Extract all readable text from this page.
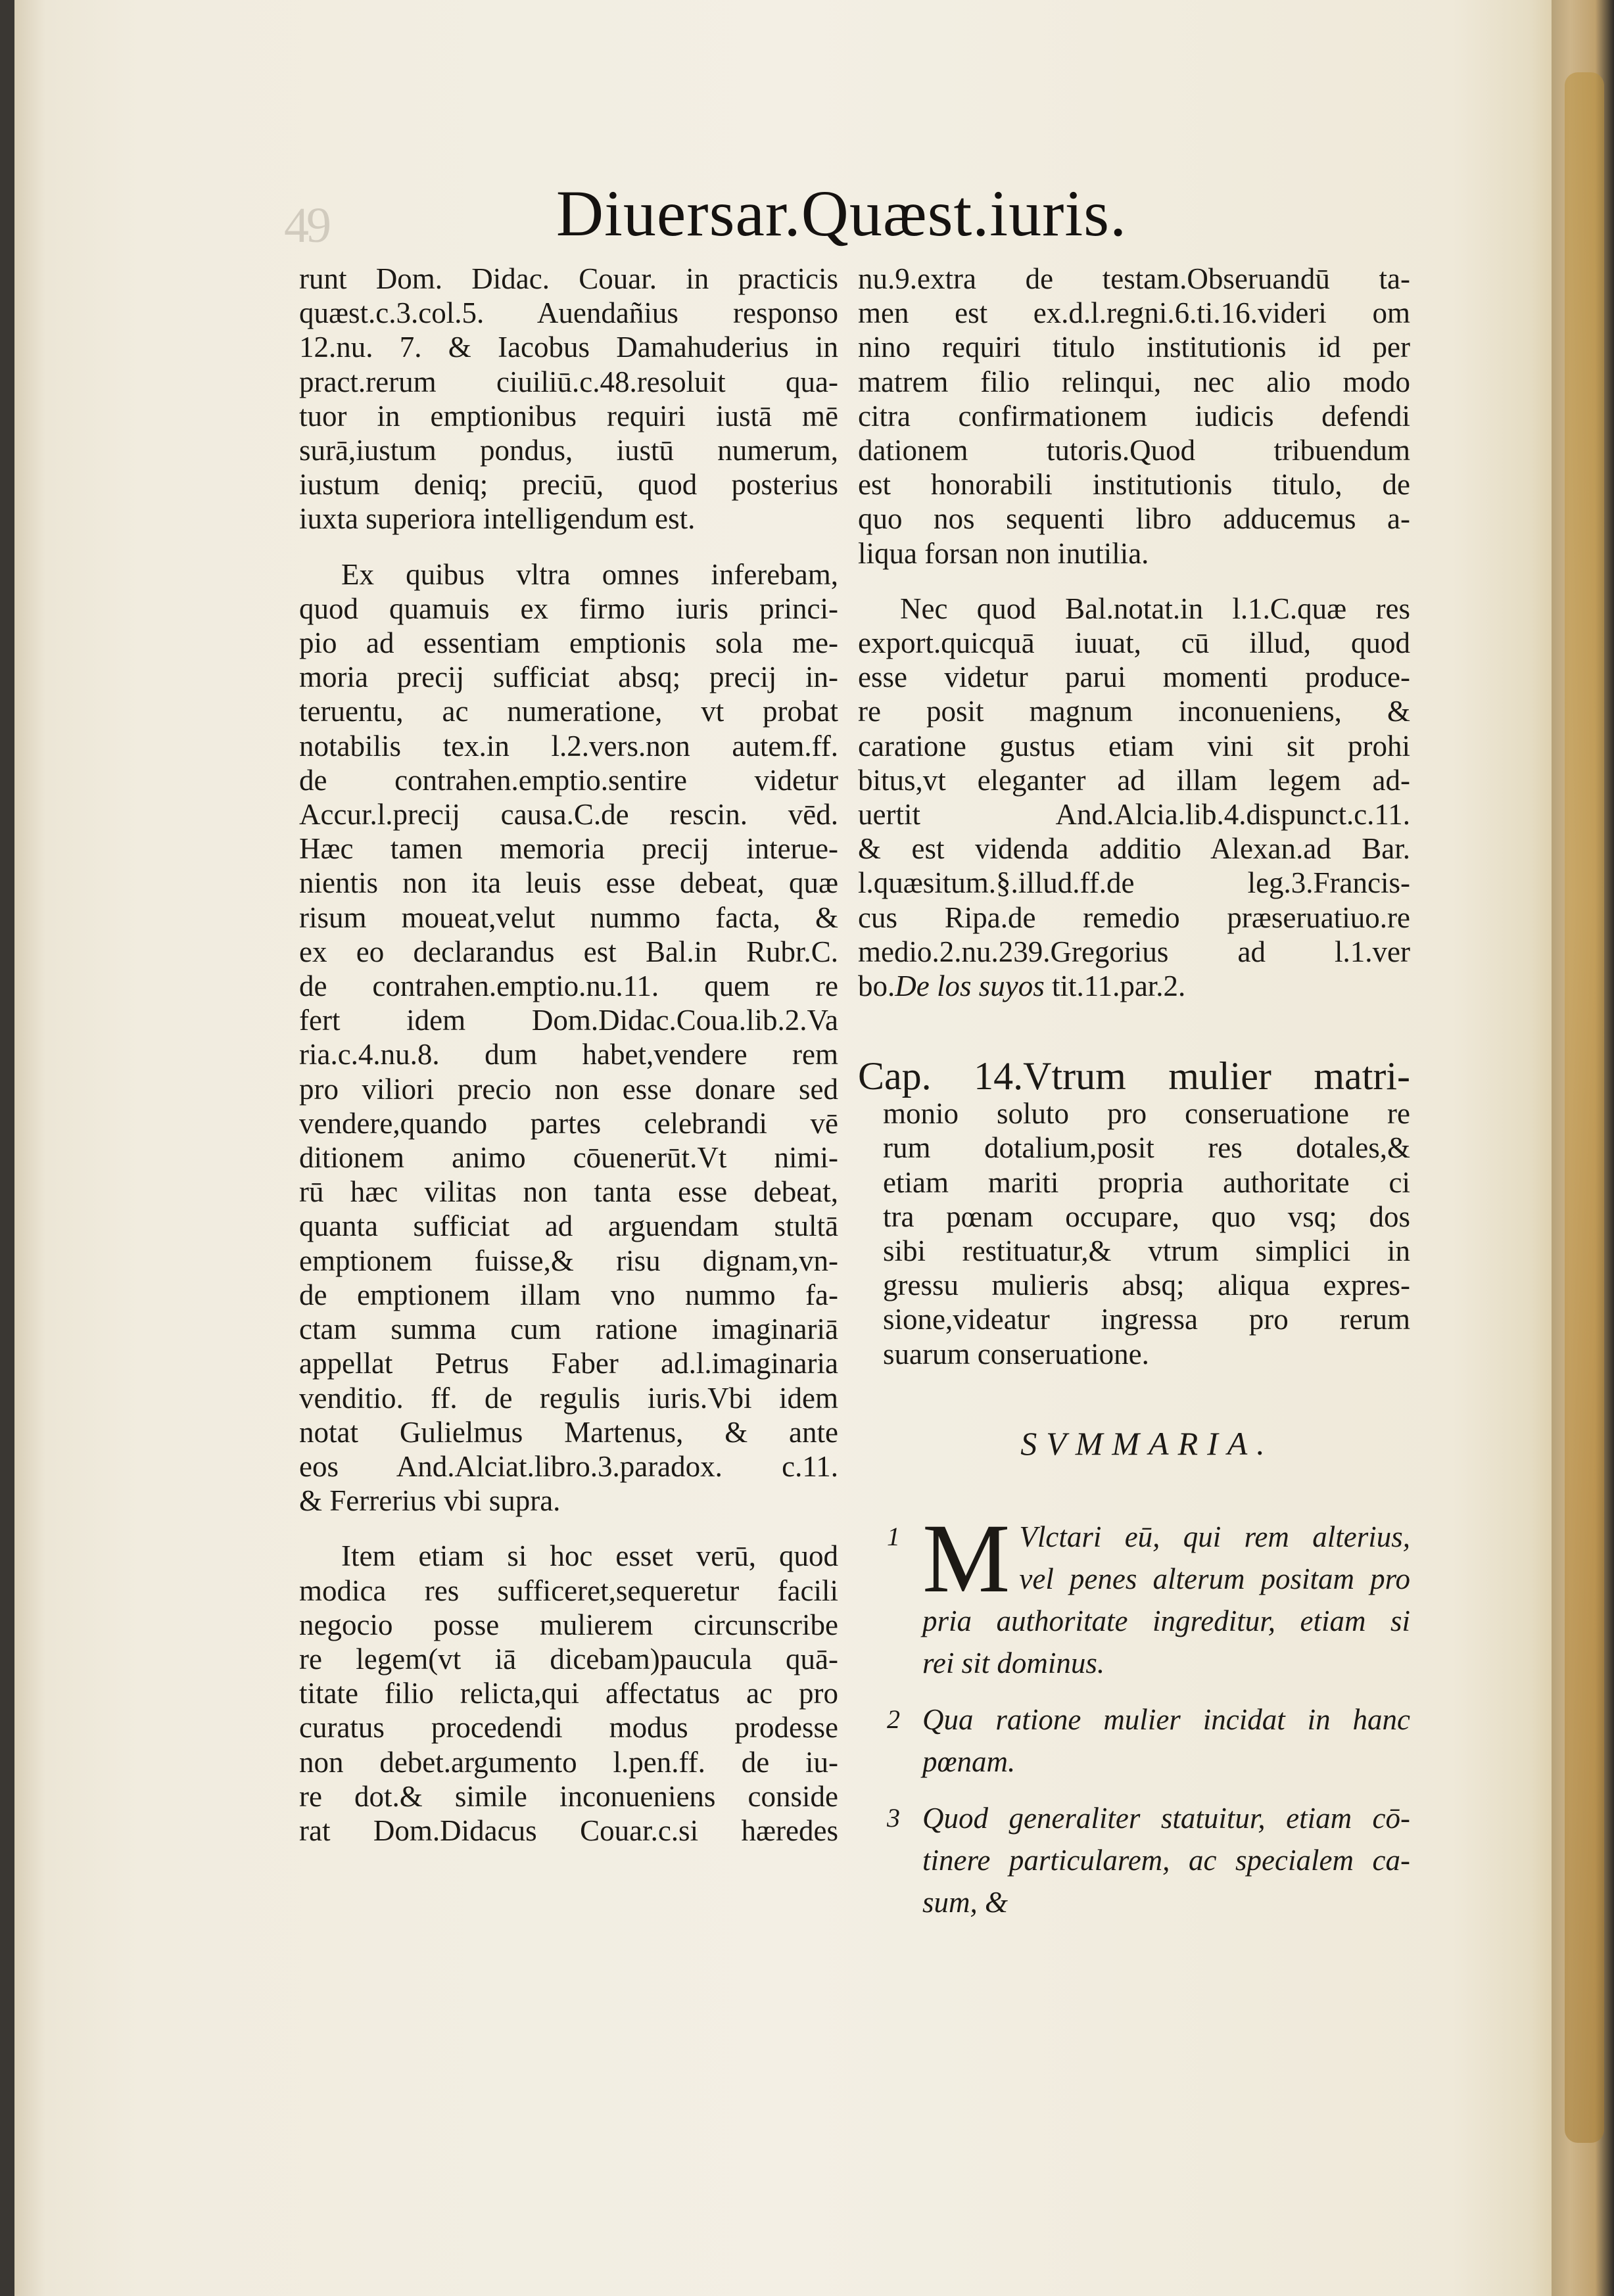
49	Diuersar.Quæst.iuris.
runt Dom. Didac. Couar. in practicis
quæst.c.3.col.5. Auendañius responso
12.nu. 7. & Iacobus Damahuderius in
pract.rerum ciuiliū.c.48.resoluit qua-
tuor in emptionibus requiri iustā mē
surā,iustum pondus, iustū numerum,
iustum deniq; preciū, quod posterius
iuxta superiora intelligendum est.
Ex quibus vltra omnes inferebam,
quod quamuis ex firmo iuris princi-
pio ad essentiam emptionis sola me-
moria precij sufficiat absq; precij in-
teruentu, ac numeratione, vt probat
notabilis tex.in l.2.vers.non autem.ff.
de contrahen.emptio.sentire videtur
Accur.l.precij causa.C.de rescin. vēd.
Hæc tamen memoria precij interue-
nientis non ita leuis esse debeat, quæ
risum moueat,velut nummo facta, &
ex eo declarandus est Bal.in Rubr.C.
de contrahen.emptio.nu.11. quem re
fert idem Dom.Didac.Coua.lib.2.Va
ria.c.4.nu.8. dum habet,vendere rem
pro viliori precio non esse donare sed
vendere,quando partes celebrandi vē
ditionem animo cōuenerūt.Vt nimi-
rū hæc vilitas non tanta esse debeat,
quanta sufficiat ad arguendam stultā
emptionem fuisse,& risu dignam,vn-
de emptionem illam vno nummo fa-
ctam summa cum ratione imaginariā
appellat Petrus Faber ad.l.imaginaria
venditio. ff. de regulis iuris.Vbi idem
notat Gulielmus Martenus, & ante
eos And.Alciat.libro.3.paradox. c.11.
& Ferrerius vbi supra.
Item etiam si hoc esset verū, quod
modica res sufficeret,sequeretur facili
negocio posse mulierem circunscribe
re legem(vt iā dicebam)paucula quā-
titate filio relicta,qui affectatus ac pro
curatus procedendi modus prodesse
non debet.argumento l.pen.ff. de iu-
re dot.& simile inconueniens conside
rat Dom.Didacus Couar.c.si hæredes
nu.9.extra de testam.Obseruandū ta-
men est ex.d.l.regni.6.ti.16.videri om
nino requiri titulo institutionis id per
matrem filio relinqui, nec alio modo
citra confirmationem iudicis defendi
dationem tutoris.Quod tribuendum
est honorabili institutionis titulo, de
quo nos sequenti libro adducemus a-
liqua forsan non inutilia.
Nec quod Bal.notat.in l.1.C.quæ res
export.quicquā iuuat, cū illud, quod
esse videtur parui momenti produce-
re posit magnum inconueniens, &
caratione gustus etiam vini sit prohi
bitus,vt eleganter ad illam legem ad-
uertit And.Alcia.lib.4.dispunct.c.11.
& est videnda additio Alexan.ad Bar.
l.quæsitum.§.illud.ff.de leg.3.Francis-
cus Ripa.de remedio præseruatiuo.re
medio.2.nu.239.Gregorius ad l.1.ver
bo.De los suyos tit.11.par.2.
Cap. 14.Vtrum mulier matri-
monio soluto pro conseruatione re
rum dotalium,posit res dotales,&
etiam mariti propria authoritate ci
tra pœnam occupare, quo vsq; dos
sibi restituatur,& vtrum simplici in
gressu mulieris absq; aliqua expres-
sione,videatur ingressa pro rerum
suarum conseruatione.
SVMMARIA.
1 M Vlctari eū, qui rem alterius,
vel penes alterum positam pro
pria authoritate ingreditur, etiam si
rei sit dominus.
2 Qua ratione mulier incidat in hanc
pœnam.
3 Quod generaliter statuitur, etiam cō-
tinere particularem, ac specialem ca-
sum, &
